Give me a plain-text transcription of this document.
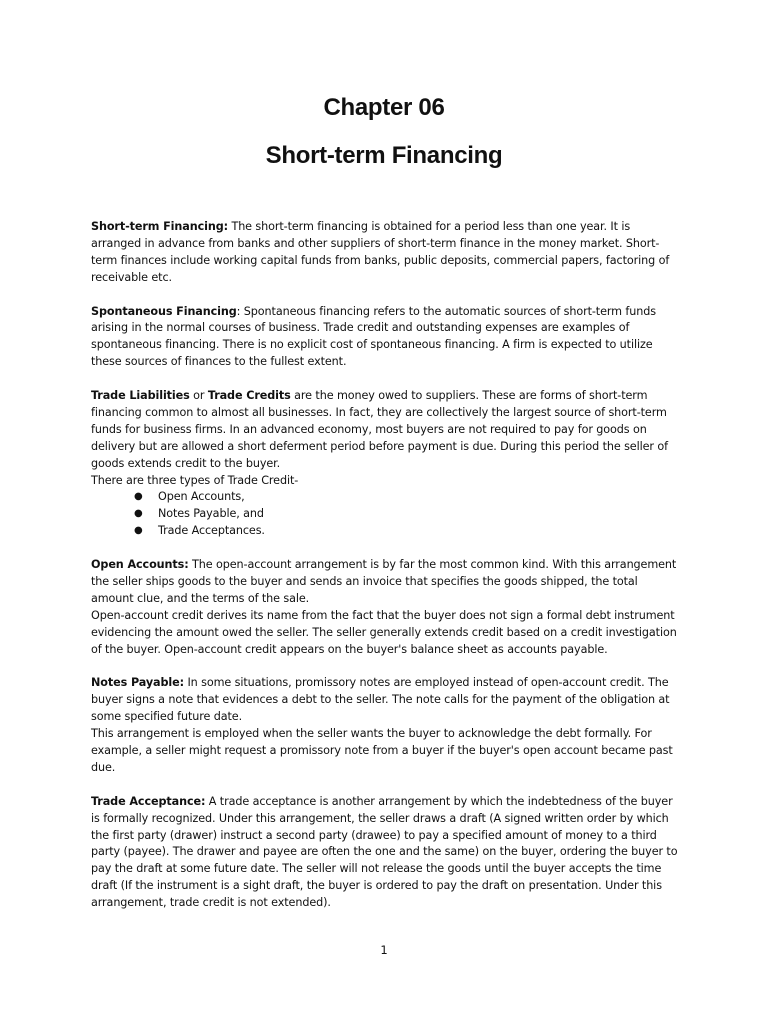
Chapter 06
Short-term Financing

Short-term Financing: The short-term financing is obtained for a period less than one year. It is arranged in advance from banks and other suppliers of short-term finance in the money market. Short-term finances include working capital funds from banks, public deposits, commercial papers, factoring of receivable etc.

Spontaneous Financing: Spontaneous financing refers to the automatic sources of short-term funds arising in the normal courses of business. Trade credit and outstanding expenses are examples of spontaneous financing. There is no explicit cost of spontaneous financing. A firm is expected to utilize these sources of finances to the fullest extent.

Trade Liabilities or Trade Credits are the money owed to suppliers. These are forms of short-term financing common to almost all businesses. In fact, they are collectively the largest source of short-term funds for business firms. In an advanced economy, most buyers are not required to pay for goods on delivery but are allowed a short deferment period before payment is due. During this period the seller of goods extends credit to the buyer.

There are three types of Trade Credit-

● Open Accounts,
● Notes Payable, and
● Trade Acceptances.

Open Accounts: The open-account arrangement is by far the most common kind. With this arrangement the seller ships goods to the buyer and sends an invoice that specifies the goods shipped, the total amount clue, and the terms of the sale.

Open-account credit derives its name from the fact that the buyer does not sign a formal debt instrument evidencing the amount owed the seller. The seller generally extends credit based on a credit investigation of the buyer. Open-account credit appears on the buyer's balance sheet as accounts payable.

Notes Payable: In some situations, promissory notes are employed instead of open-account credit. The buyer signs a note that evidences a debt to the seller. The note calls for the payment of the obligation at some specified future date.

This arrangement is employed when the seller wants the buyer to acknowledge the debt formally. For example, a seller might request a promissory note from a buyer if the buyer's open account became past due.

Trade Acceptance: A trade acceptance is another arrangement by which the indebtedness of the buyer is formally recognized. Under this arrangement, the seller draws a draft (A signed written order by which the first party (drawer) instruct a second party (drawee) to pay a specified amount of money to a third party (payee). The drawer and payee are often the one and the same) on the buyer, ordering the buyer to pay the draft at some future date. The seller will not release the goods until the buyer accepts the time draft (If the instrument is a sight draft, the buyer is ordered to pay the draft on presentation. Under this arrangement, trade credit is not extended).

1
